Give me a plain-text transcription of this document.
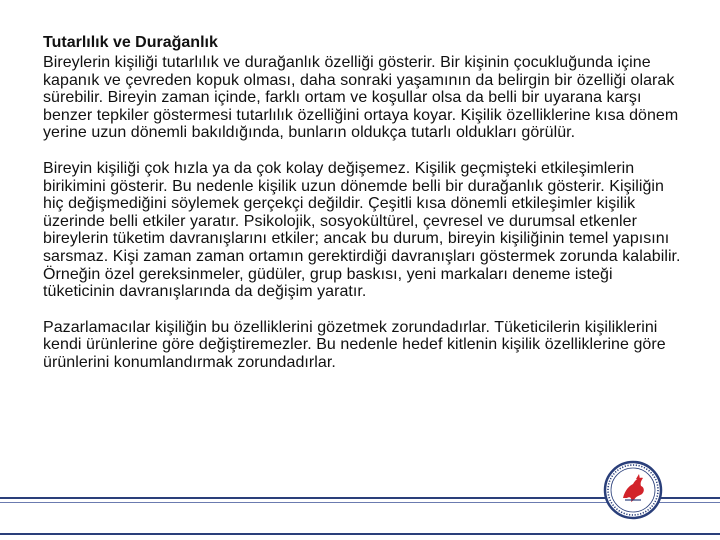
Tutarlılık ve Durağanlık

Bireylerin kişiliği tutarlılık ve durağanlık özelliği gösterir. Bir kişinin çocukluğunda içine kapanık ve çevreden kopuk olması, daha sonraki yaşamının da belirgin bir özelliği olarak sürebilir. Bireyin zaman içinde, farklı ortam ve koşullar olsa da belli bir uyarana karşı benzer tepkiler göstermesi tutarlılık özelliğini ortaya koyar. Kişilik özelliklerine kısa dönem yerine uzun dönemli bakıldığında, bunların oldukça tutarlı oldukları görülür.

Bireyin kişiliği çok hızla ya da çok kolay değişemez. Kişilik geçmişteki etkileşimlerin birikimini gösterir. Bu nedenle kişilik uzun dönemde belli bir durağanlık gösterir. Kişiliğin hiç değişmediğini söylemek gerçekçi değildir. Çeşitli kısa dönemli etkileşimler kişilik üzerinde belli etkiler yaratır. Psikolojik, sosyokültürel, çevresel ve durumsal etkenler bireylerin tüketim davranışlarını etkiler; ancak bu durum, bireyin kişiliğinin temel yapısını sarsmaz. Kişi zaman zaman ortamın gerektirdiği davranışları göstermek zorunda kalabilir. Örneğin özel gereksinmeler, güdüler, grup baskısı, yeni markaları deneme isteği tüketicinin davranışlarında da değişim yaratır.

Pazarlamacılar kişiliğin bu özelliklerini gözetmek zorundadırlar. Tüketicilerin kişiliklerini kendi ürünlerine göre değiştiremezler. Bu nedenle hedef kitlenin kişilik özelliklerine göre ürünlerini konumlandırmak zorundadırlar.
